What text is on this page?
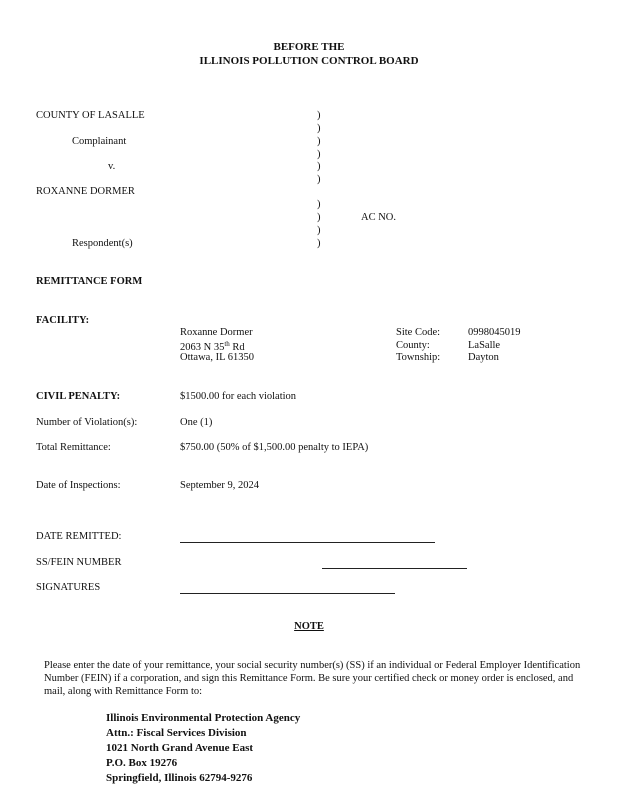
BEFORE THE
ILLINOIS POLLUTION CONTROL BOARD
COUNTY OF LASALLE
Complainant
v.
ROXANNE DORMER
AC NO.
Respondent(s)
)
)
)
)
)
)
)
)
)
)
REMITTANCE FORM
FACILITY:
Roxanne Dormer
2063 N 35th Rd
Ottawa, IL 61350
Site Code:	0998045019
County:	LaSalle
Township:	Dayton
CIVIL PENALTY:	$1500.00 for each violation
Number of Violation(s):	One (1)
Total Remittance:	$750.00 (50% of $1,500.00 penalty to IEPA)
Date of Inspections:	September 9, 2024
DATE REMITTED:
SS/FEIN NUMBER
SIGNATURES
NOTE
Please enter the date of your remittance, your social security number(s) (SS) if an individual or Federal Employer Identification Number (FEIN) if a corporation, and sign this Remittance Form. Be sure your certified check or money order is enclosed, and mail, along with Remittance Form to:
Illinois Environmental Protection Agency
Attn.: Fiscal Services Division
1021 North Grand Avenue East
P.O. Box 19276
Springfield, Illinois 62794-9276
